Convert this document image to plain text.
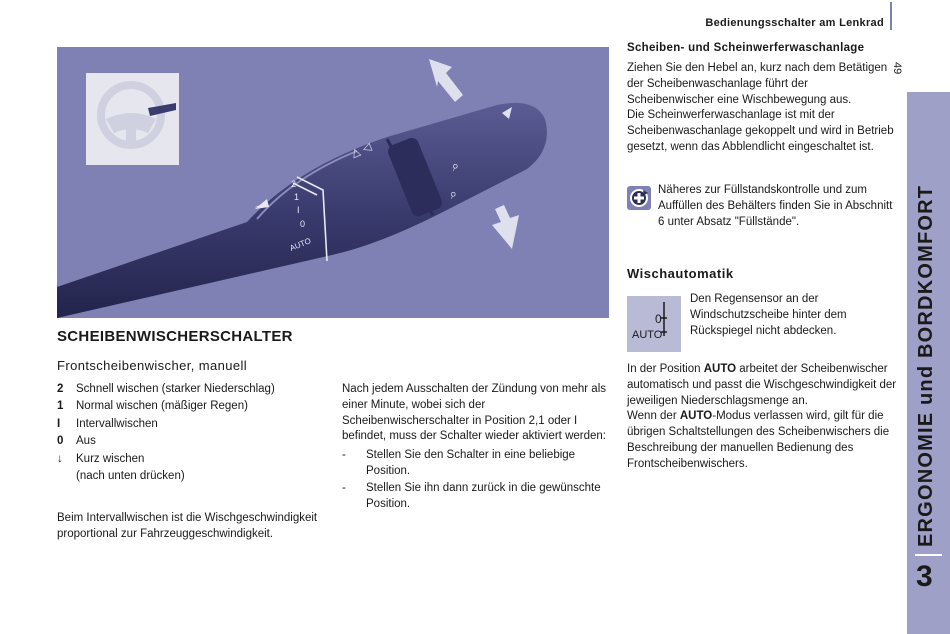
Bedienungsschalter am Lenkrad
49
ERGONOMIE und BORDKOMFORT
3
⌕
⌕
△ ◁
2
1
I
0
AUTO
⌒
SCHEIBENWISCHERSCHALTER
Frontscheibenwischer, manuell
2	Schnell wischen (starker Niederschlag)
1	Normal wischen (mäßiger Regen)
I	Intervallwischen
0	Aus
↓	Kurz wischen
(nach unten drücken)
Beim Intervallwischen ist die Wischgeschwindigkeit proportional zur Fahrzeuggeschwindigkeit.
Nach jedem Ausschalten der Zündung von mehr als einer Minute, wobei sich der Scheibenwischerschalter in Position 2,1 oder I befindet, muss der Schalter wieder aktiviert werden:
-	Stellen Sie den Schalter in eine beliebige Position.
-	Stellen Sie ihn dann zurück in die gewünschte Position.
Scheiben- und Scheinwerferwaschanlage
Ziehen Sie den Hebel an, kurz nach dem Betätigen der Scheibenwaschanlage führt der Scheibenwischer eine Wischbewegung aus.
Die Scheinwerferwaschanlage ist mit der Scheibenwaschanlage gekoppelt und wird in Betrieb gesetzt, wenn das Abblendlicht eingeschaltet ist.
Näheres zur Füllstandskontrolle und zum Auffüllen des Behälters finden Sie in Abschnitt 6 unter Absatz "Füllstände".
Wischautomatik
0
AUTO
Den Regensensor an der Windschutzscheibe hinter dem Rückspiegel nicht abdecken.
In der Position AUTO arbeitet der Scheibenwischer automatisch und passt die Wischgeschwindigkeit der jeweiligen Niederschlagsmenge an.
Wenn der AUTO-Modus verlassen wird, gilt für die übrigen Schaltstellungen des Scheibenwischers die Beschreibung der manuellen Bedienung des Frontscheibenwischers.
